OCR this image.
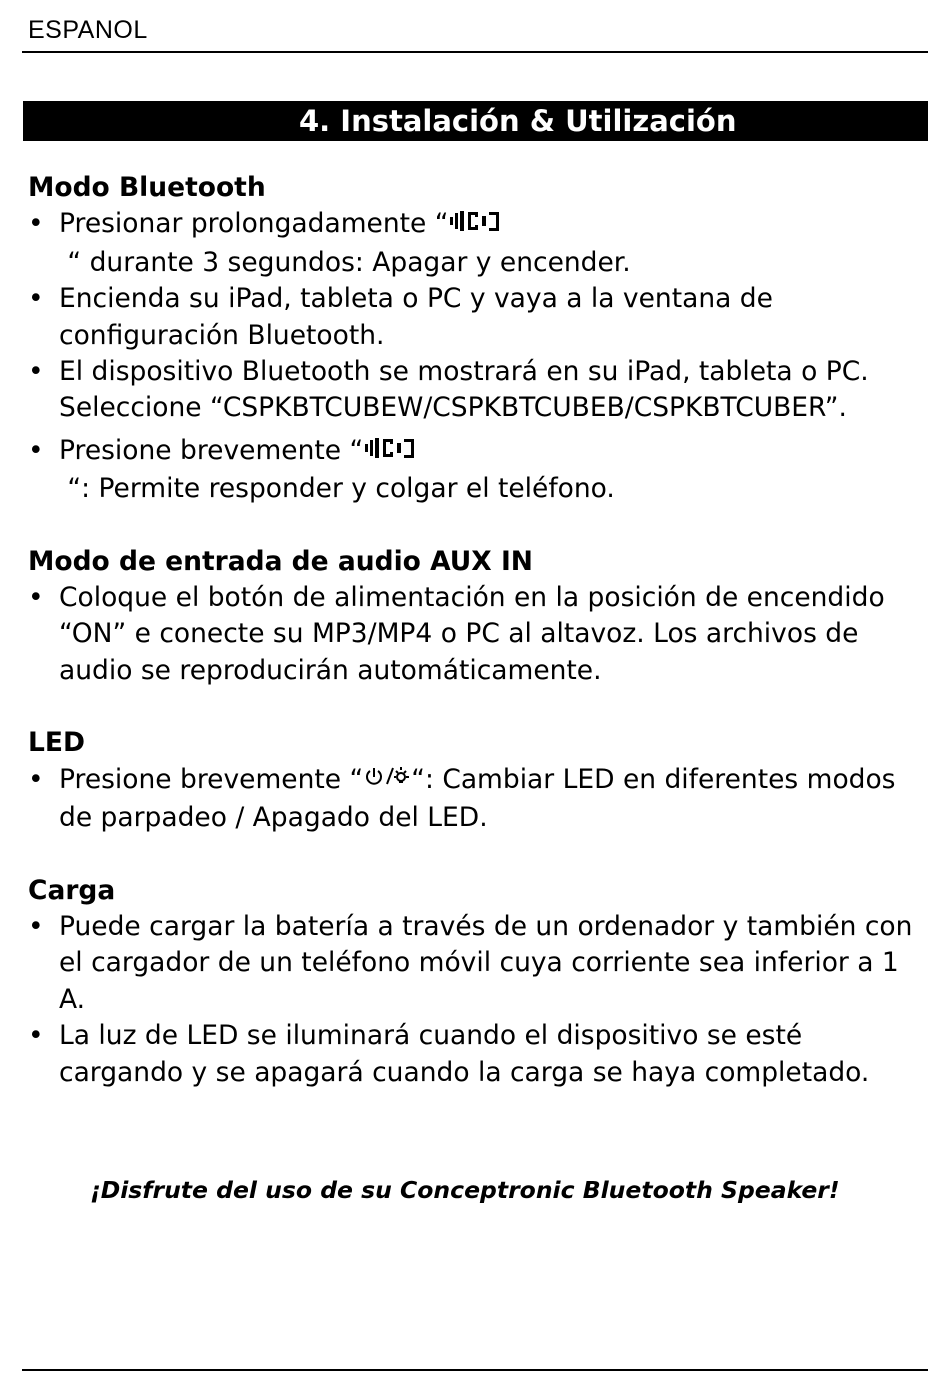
ESPANOL
4. Instalación & Utilización

Modo Bluetooth

• Presionar prolongadamente “ “ durante 3 segundos: Apagar y encender.
• Encienda su iPad, tableta o PC y vaya a la ventana de configuración Bluetooth.
• El dispositivo Bluetooth se mostrará en su iPad, tableta o PC. Seleccione “CSPKBTCUBEW/CSPKBTCUBEB/CSPKBTCUBER”.
• Presione brevemente “ “: Permite responder y colgar el teléfono.

Modo de entrada de audio AUX IN

• Coloque el botón de alimentación en la posición de encendido “ON” e conecte su MP3/MP4 o PC al altavoz. Los archivos de audio se reproducirán automáticamente.

LED

• Presione brevemente “ “: Cambiar LED en diferentes modos de parpadeo / Apagado del LED.

Carga

• Puede cargar la batería a través de un ordenador y también con el cargador de un teléfono móvil cuya corriente sea inferior a 1 A.
• La luz de LED se iluminará cuando el dispositivo se esté cargando y se apagará cuando la carga se haya completado.
¡Disfrute del uso de su Conceptronic Bluetooth Speaker!
